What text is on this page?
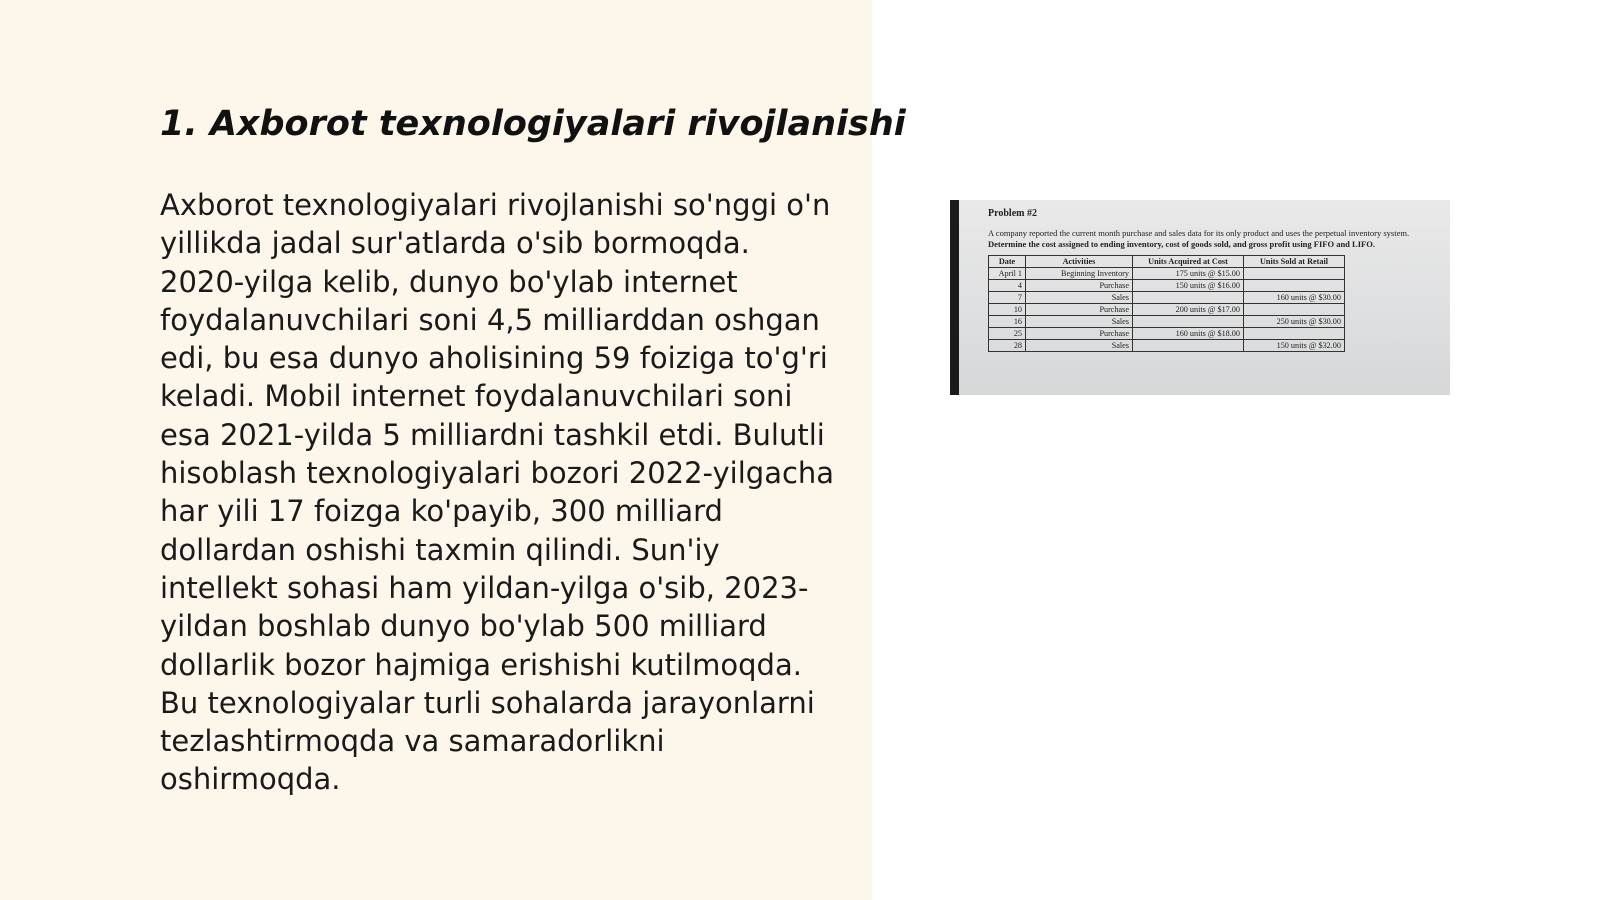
1. Axborot texnologiyalari rivojlanishi

Axborot texnologiyalari rivojlanishi so'nggi o'n yillikda jadal sur'atlarda o'sib bormoqda. 2020-yilga kelib, dunyo bo'ylab internet foydalanuvchilari soni 4,5 milliarddan oshgan edi, bu esa dunyo aholisining 59 foiziga to'g'ri keladi. Mobil internet foydalanuvchilari soni esa 2021-yilda 5 milliardni tashkil etdi. Bulutli hisoblash texnologiyalari bozori 2022-yilgacha har yili 17 foizga ko'payib, 300 milliard dollardan oshishi taxmin qilindi. Sun'iy intellekt sohasi ham yildan-yilga o'sib, 2023-yildan boshlab dunyo bo'ylab 500 milliard dollarlik bozor hajmiga erishishi kutilmoqda. Bu texnologiyalar turli sohalarda jarayonlarni tezlashtirmoqda va samaradorlikni oshirmoqda.

Problem #2

A company reported the current month purchase and sales data for its only product and uses the perpetual inventory system. Determine the cost assigned to ending inventory, cost of goods sold, and gross profit using FIFO and LIFO.

Date	Activities	Units Acquired at Cost	Units Sold at Retail
April 1	Beginning Inventory	175 units @ $15.00	
4	Purchase	150 units @ $16.00	
7	Sales		160 units @ $30.00
10	Purchase	200 units @ $17.00	
16	Sales		250 units @ $30.00
25	Purchase	160 units @ $18.00	
28	Sales		150 units @ $32.00
